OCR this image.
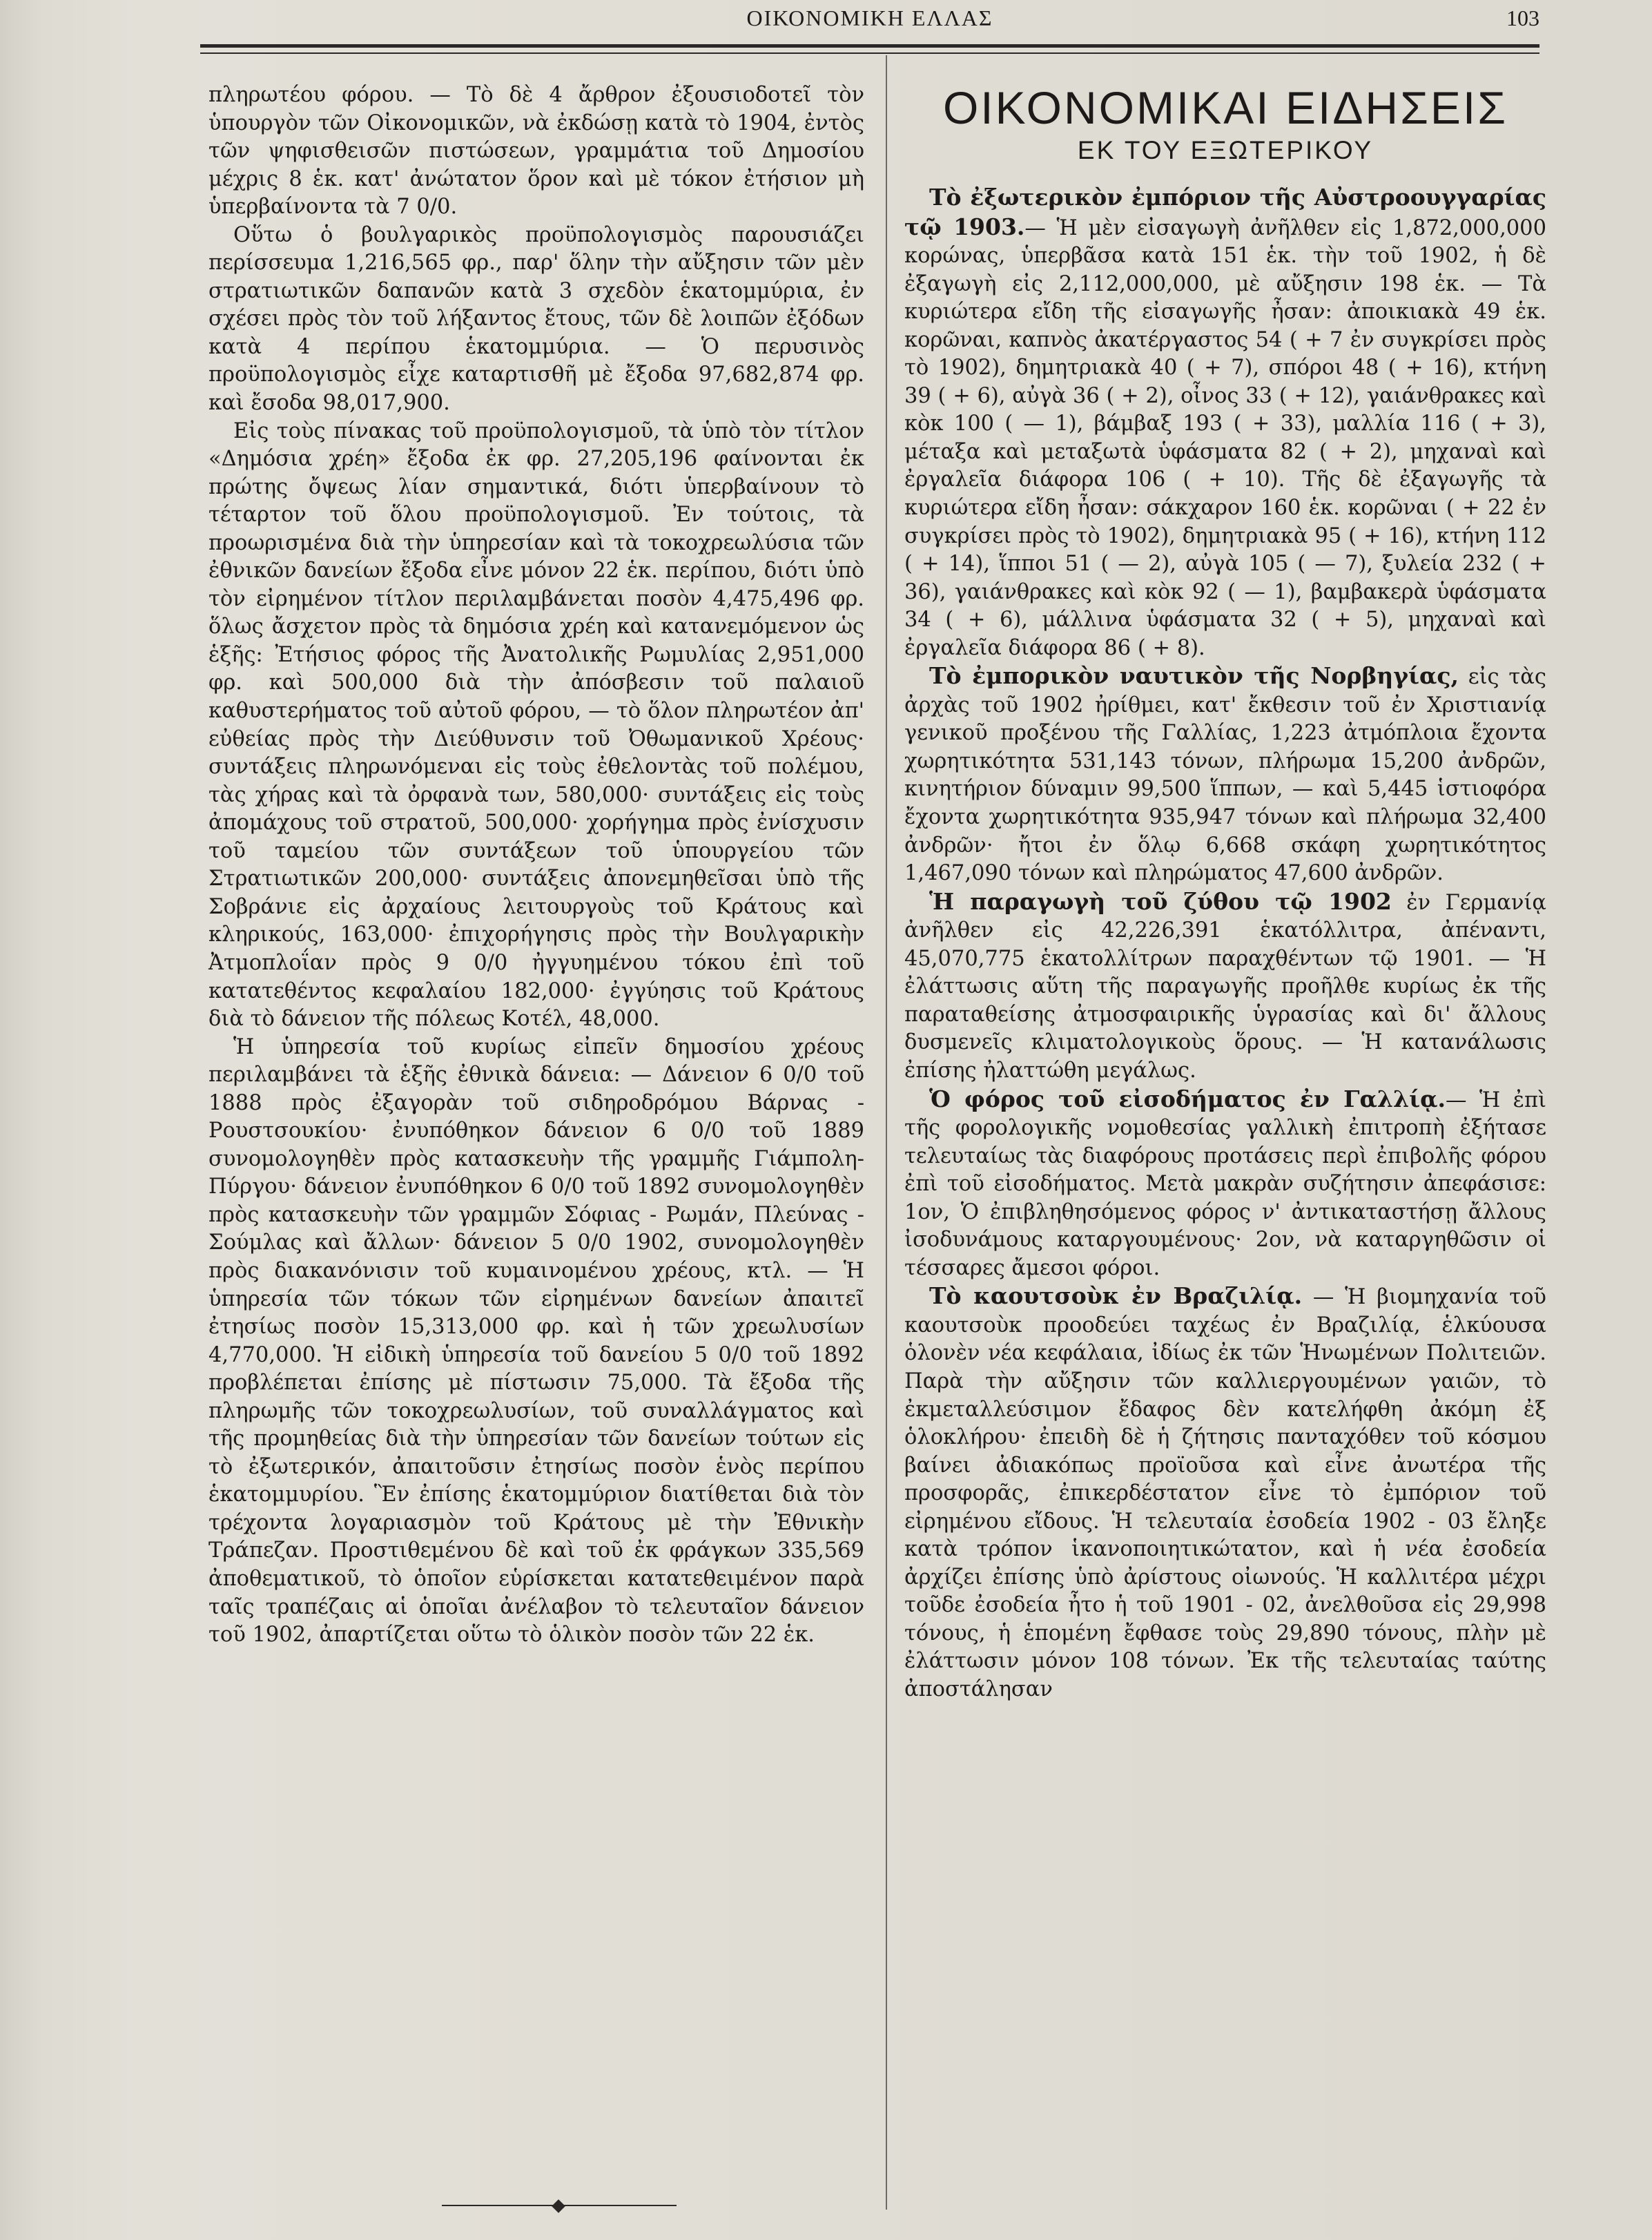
ΟΙΚΟΝΟΜΙΚΗ ΕΛΛΑΣ	103

πληρωτέου φόρου. — Τὸ δὲ 4 ἄρθρον ἐξουσιοδοτεῖ τὸν ὑπουργὸν τῶν Οἰκονομικῶν, νὰ ἐκδώσῃ κατὰ τὸ 1904, ἐντὸς τῶν ψηφισθεισῶν πιστώσεων, γραμμάτια τοῦ Δημοσίου μέχρις 8 ἑκ. κατ' ἀνώτατον ὅρον καὶ μὲ τόκον ἐτήσιον μὴ ὑπερβαίνοντα τὰ 7 0/0.

Οὕτω ὁ βουλγαρικὸς προϋπολογισμὸς παρουσιάζει περίσσευμα 1,216,565 φρ., παρ' ὅλην τὴν αὔξησιν τῶν μὲν στρατιωτικῶν δαπανῶν κατὰ 3 σχεδὸν ἑκατομμύρια, ἐν σχέσει πρὸς τὸν τοῦ λήξαντος ἔτους, τῶν δὲ λοιπῶν ἐξόδων κατὰ 4 περίπου ἑκατομμύρια. — Ὁ περυσινὸς προϋπολογισμὸς εἶχε καταρτισθῆ μὲ ἔξοδα 97,682,874 φρ. καὶ ἔσοδα 98,017,900.

Εἰς τοὺς πίνακας τοῦ προϋπολογισμοῦ, τὰ ὑπὸ τὸν τίτλον «Δημόσια χρέη» ἔξοδα ἐκ φρ. 27,205,196 φαίνονται ἐκ πρώτης ὄψεως λίαν σημαντικά, διότι ὑπερβαίνουν τὸ τέταρτον τοῦ ὅλου προϋπολογισμοῦ. Ἐν τούτοις, τὰ προωρισμένα διὰ τὴν ὑπηρεσίαν καὶ τὰ τοκοχρεωλύσια τῶν ἐθνικῶν δανείων ἔξοδα εἶνε μόνον 22 ἑκ. περίπου, διότι ὑπὸ τὸν εἰρημένον τίτλον περιλαμβάνεται ποσὸν 4,475,496 φρ. ὅλως ἄσχετον πρὸς τὰ δημόσια χρέη καὶ κατανεμόμενον ὡς ἑξῆς: Ἐτήσιος φόρος τῆς Ἀνατολικῆς Ρωμυλίας 2,951,000 φρ. καὶ 500,000 διὰ τὴν ἀπόσβεσιν τοῦ παλαιοῦ καθυστερήματος τοῦ αὐτοῦ φόρου, — τὸ ὅλον πληρωτέον ἀπ' εὐθείας πρὸς τὴν Διεύθυνσιν τοῦ Ὀθωμανικοῦ Χρέους· συντάξεις πληρωνόμεναι εἰς τοὺς ἐθελοντὰς τοῦ πολέμου, τὰς χήρας καὶ τὰ ὀρφανὰ των, 580,000· συντάξεις εἰς τοὺς ἀπομάχους τοῦ στρατοῦ, 500,000· χορήγημα πρὸς ἐνίσχυσιν τοῦ ταμείου τῶν συντάξεων τοῦ ὑπουργείου τῶν Στρατιωτικῶν 200,000· συντάξεις ἀπονεμηθεῖσαι ὑπὸ τῆς Σοβράνιε εἰς ἀρχαίους λειτουργοὺς τοῦ Κράτους καὶ κληρικούς, 163,000· ἐπιχορήγησις πρὸς τὴν Βουλγαρικὴν Ἀτμοπλοΐαν πρὸς 9 0/0 ἠγγυημένου τόκου ἐπὶ τοῦ κατατεθέντος κεφαλαίου 182,000· ἐγγύησις τοῦ Κράτους διὰ τὸ δάνειον τῆς πόλεως Κοτέλ, 48,000.

Ἡ ὑπηρεσία τοῦ κυρίως εἰπεῖν δημοσίου χρέους περιλαμβάνει τὰ ἑξῆς ἐθνικὰ δάνεια: — Δάνειον 6 0/0 τοῦ 1888 πρὸς ἐξαγορὰν τοῦ σιδηροδρόμου Βάρνας - Ρουστσουκίου· ἐνυπόθηκον δάνειον 6 0/0 τοῦ 1889 συνομολογηθὲν πρὸς κατασκευὴν τῆς γραμμῆς Γιάμπολη-Πύργου· δάνειον ἐνυπόθηκον 6 0/0 τοῦ 1892 συνομολογηθὲν πρὸς κατασκευὴν τῶν γραμμῶν Σόφιας - Ρωμάν, Πλεύνας - Σούμλας καὶ ἄλλων· δάνειον 5 0/0 1902, συνομολογηθὲν πρὸς διακανόνισιν τοῦ κυμαινομένου χρέους, κτλ. — Ἡ ὑπηρεσία τῶν τόκων τῶν εἰρημένων δανείων ἀπαιτεῖ ἐτησίως ποσὸν 15,313,000 φρ. καὶ ἡ τῶν χρεωλυσίων 4,770,000. Ἡ εἰδικὴ ὑπηρεσία τοῦ δανείου 5 0/0 τοῦ 1892 προβλέπεται ἐπίσης μὲ πίστωσιν 75,000. Τὰ ἔξοδα τῆς πληρωμῆς τῶν τοκοχρεωλυσίων, τοῦ συναλλάγματος καὶ τῆς προμηθείας διὰ τὴν ὑπηρεσίαν τῶν δανείων τούτων εἰς τὸ ἐξωτερικόν, ἀπαιτοῦσιν ἐτησίως ποσὸν ἑνὸς περίπου ἑκατομμυρίου. Ἓν ἐπίσης ἑκατομμύριον διατίθεται διὰ τὸν τρέχοντα λογαριασμὸν τοῦ Κράτους μὲ τὴν Ἐθνικὴν Τράπεζαν. Προστιθεμένου δὲ καὶ τοῦ ἐκ φράγκων 335,569 ἀποθεματικοῦ, τὸ ὁποῖον εὑρίσκεται κατατεθειμένον παρὰ ταῖς τραπέζαις αἱ ὁποῖαι ἀνέλαβον τὸ τελευταῖον δάνειον τοῦ 1902, ἀπαρτίζεται οὕτω τὸ ὁλικὸν ποσὸν τῶν 22 ἑκ.

ΟΙΚΟΝΟΜΙΚΑΙ ΕΙΔΗΣΕΙΣ
ΕΚ ΤΟΥ ΕΞΩΤΕΡΙΚΟΥ

Τὸ ἐξωτερικὸν ἐμπόριον τῆς Αὐστροουγγαρίας τῷ 1903.— Ἡ μὲν εἰσαγωγὴ ἀνῆλθεν εἰς 1,872,000,000 κορώνας, ὑπερβᾶσα κατὰ 151 ἑκ. τὴν τοῦ 1902, ἡ δὲ ἐξαγωγὴ εἰς 2,112,000,000, μὲ αὔξησιν 198 ἑκ. — Τὰ κυριώτερα εἴδη τῆς εἰσαγωγῆς ἦσαν: ἀποικιακὰ 49 ἑκ. κορῶναι, καπνὸς ἀκατέργαστος 54 ( + 7 ἐν συγκρίσει πρὸς τὸ 1902), δημητριακὰ 40 ( + 7), σπόροι 48 ( + 16), κτήνη 39 ( + 6), αὐγὰ 36 ( + 2), οἶνος 33 ( + 12), γαιάνθρακες καὶ κὸκ 100 ( — 1), βάμβαξ 193 ( + 33), μαλλία 116 ( + 3), μέταξα καὶ μεταξωτὰ ὑφάσματα 82 ( + 2), μηχαναὶ καὶ ἐργαλεῖα διάφορα 106 ( + 10). Τῆς δὲ ἐξαγωγῆς τὰ κυριώτερα εἴδη ἦσαν: σάκχαρον 160 ἑκ. κορῶναι ( + 22 ἐν συγκρίσει πρὸς τὸ 1902), δημητριακὰ 95 ( + 16), κτήνη 112 ( + 14), ἵπποι 51 ( — 2), αὐγὰ 105 ( — 7), ξυλεία 232 ( + 36), γαιάνθρακες καὶ κὸκ 92 ( — 1), βαμβακερὰ ὑφάσματα 34 ( + 6), μάλλινα ὑφάσματα 32 ( + 5), μηχαναὶ καὶ ἐργαλεῖα διάφορα 86 ( + 8).

Τὸ ἐμπορικὸν ναυτικὸν τῆς Νορβηγίας, εἰς τὰς ἀρχὰς τοῦ 1902 ἠρίθμει, κατ' ἔκθεσιν τοῦ ἐν Χριστιανίᾳ γενικοῦ προξένου τῆς Γαλλίας, 1,223 ἀτμόπλοια ἔχοντα χωρητικότητα 531,143 τόνων, πλήρωμα 15,200 ἀνδρῶν, κινητήριον δύναμιν 99,500 ἵππων, — καὶ 5,445 ἱστιοφόρα ἔχοντα χωρητικότητα 935,947 τόνων καὶ πλήρωμα 32,400 ἀνδρῶν· ἤτοι ἐν ὅλῳ 6,668 σκάφη χωρητικότητος 1,467,090 τόνων καὶ πληρώματος 47,600 ἀνδρῶν.

Ἡ παραγωγὴ τοῦ ζύθου τῷ 1902 ἐν Γερμανίᾳ ἀνῆλθεν εἰς 42,226,391 ἑκατόλλιτρα, ἀπέναντι, 45,070,775 ἑκατολλίτρων παραχθέντων τῷ 1901. — Ἡ ἐλάττωσις αὕτη τῆς παραγωγῆς προῆλθε κυρίως ἐκ τῆς παραταθείσης ἀτμοσφαιρικῆς ὑγρασίας καὶ δι' ἄλλους δυσμενεῖς κλιματολογικοὺς ὅρους. — Ἡ κατανάλωσις ἐπίσης ἠλαττώθη μεγάλως.

Ὁ φόρος τοῦ εἰσοδήματος ἐν Γαλλίᾳ.— Ἡ ἐπὶ τῆς φορολογικῆς νομοθεσίας γαλλικὴ ἐπιτροπὴ ἐξήτασε τελευταίως τὰς διαφόρους προτάσεις περὶ ἐπιβολῆς φόρου ἐπὶ τοῦ εἰσοδήματος. Μετὰ μακρὰν συζήτησιν ἀπεφάσισε: 1ον, Ὁ ἐπιβληθησόμενος φόρος ν' ἀντικαταστήσῃ ἄλλους ἰσοδυνάμους καταργουμένους· 2ον, νὰ καταργηθῶσιν οἱ τέσσαρες ἄμεσοι φόροι.

Τὸ καουτσοὺκ ἐν Βραζιλίᾳ. — Ἡ βιομηχανία τοῦ καουτσοὺκ προοδεύει ταχέως ἐν Βραζιλίᾳ, ἑλκύουσα ὁλονὲν νέα κεφάλαια, ἰδίως ἐκ τῶν Ἡνωμένων Πολιτειῶν. Παρὰ τὴν αὔξησιν τῶν καλλιεργουμένων γαιῶν, τὸ ἐκμεταλλεύσιμον ἔδαφος δὲν κατελήφθη ἀκόμη ἐξ ὁλοκλήρου· ἐπειδὴ δὲ ἡ ζήτησις πανταχόθεν τοῦ κόσμου βαίνει ἀδιακόπως προϊοῦσα καὶ εἶνε ἀνωτέρα τῆς προσφορᾶς, ἐπικερδέστατον εἶνε τὸ ἐμπόριον τοῦ εἰρημένου εἴδους. Ἡ τελευταία ἐσοδεία 1902 - 03 ἔληξε κατὰ τρόπον ἱκανοποιητικώτατον, καὶ ἡ νέα ἐσοδεία ἀρχίζει ἐπίσης ὑπὸ ἀρίστους οἰωνούς. Ἡ καλλιτέρα μέχρι τοῦδε ἐσοδεία ἦτο ἡ τοῦ 1901 - 02, ἀνελθοῦσα εἰς 29,998 τόνους, ἡ ἑπομένη ἔφθασε τοὺς 29,890 τόνους, πλὴν μὲ ἐλάττωσιν μόνον 108 τόνων. Ἐκ τῆς τελευταίας ταύτης ἀποστάλησαν
